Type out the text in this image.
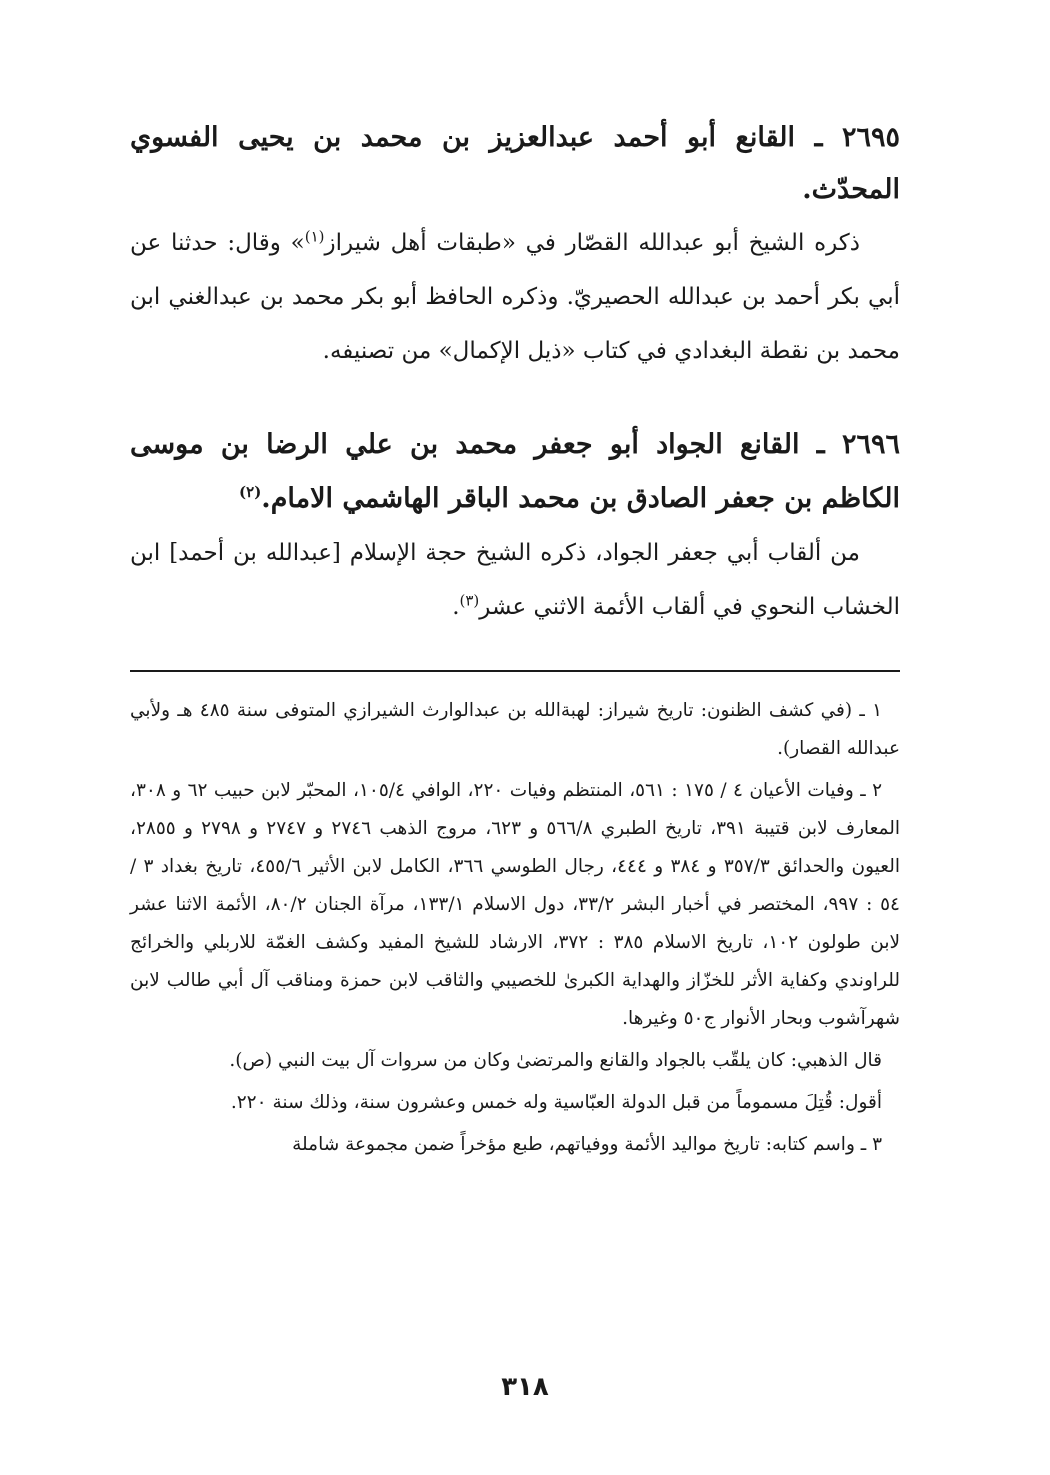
٢٦٩٥ ـ القانع أبو أحمد عبدالعزيز بن محمد بن يحيى الفسوي المحدّث.

ذكره الشيخ أبو عبدالله القصّار في «طبقات أهل شيراز$^{(١)}$» وقال: حدثنا عن أبي بكر أحمد بن عبدالله الحصيريّ. وذكره الحافظ أبو بكر محمد بن عبدالغني ابن محمد بن نقطة البغدادي في كتاب «ذيل الإكمال» من تصنيفه.

٢٦٩٦ ـ القانع الجواد أبو جعفر محمد بن علي الرضا بن موسى الكاظم بن جعفر الصادق بن محمد الباقر الهاشمي الامام.$^{(٢)}$

من ألقاب أبي جعفر الجواد، ذكره الشيخ حجة الإسلام [عبدالله بن أحمد] ابن الخشاب النحوي في ألقاب الأئمة الاثني عشر$^{(٣)}$.

١ ـ (في كشف الظنون: تاريخ شيراز: لهبةالله بن عبدالوارث الشيرازي المتوفى سنة ٤٨٥ هـ ولأبي عبدالله القصار).

٢ ـ وفيات الأعيان ٤ / ١٧٥ : ٥٦١، المنتظم وفيات ٢٢٠، الوافي ١٠٥/٤، المحبّر لابن حبيب ٦٢ و ٣٠٨، المعارف لابن قتيبة ٣٩١، تاريخ الطبري ٥٦٦/٨ و ٦٢٣، مروج الذهب ٢٧٤٦ و ٢٧٤٧ و ٢٧٩٨ و ٢٨٥٥، العيون والحدائق ٣٥٧/٣ و ٣٨٤ و ٤٤٤، رجال الطوسي ٣٦٦، الكامل لابن الأثير ٤٥٥/٦، تاريخ بغداد ٣ / ٥٤ : ٩٩٧، المختصر في أخبار البشر ٣٣/٢، دول الاسلام ١٣٣/١، مرآة الجنان ٨٠/٢، الأئمة الاثنا عشر لابن طولون ١٠٢، تاريخ الاسلام ٣٨٥ : ٣٧٢، الارشاد للشيخ المفيد وكشف الغمّة للاربلي والخرائج للراوندي وكفاية الأثر للخزّاز والهداية الكبرىٰ للخصيبي والثاقب لابن حمزة ومناقب آل أبي طالب لابن شهرآشوب وبحار الأنوار ج٥٠ وغيرها.

قال الذهبي: كان يلقّب بالجواد والقانع والمرتضىٰ وكان من سروات آل بيت النبي (ص).

أقول: قُتِلَ مسموماً من قبل الدولة العبّاسية وله خمس وعشرون سنة، وذلك سنة ٢٢٠.

٣ ـ واسم كتابه: تاريخ مواليد الأئمة ووفياتهم، طبع مؤخراً ضمن مجموعة شاملة

٣١٨
